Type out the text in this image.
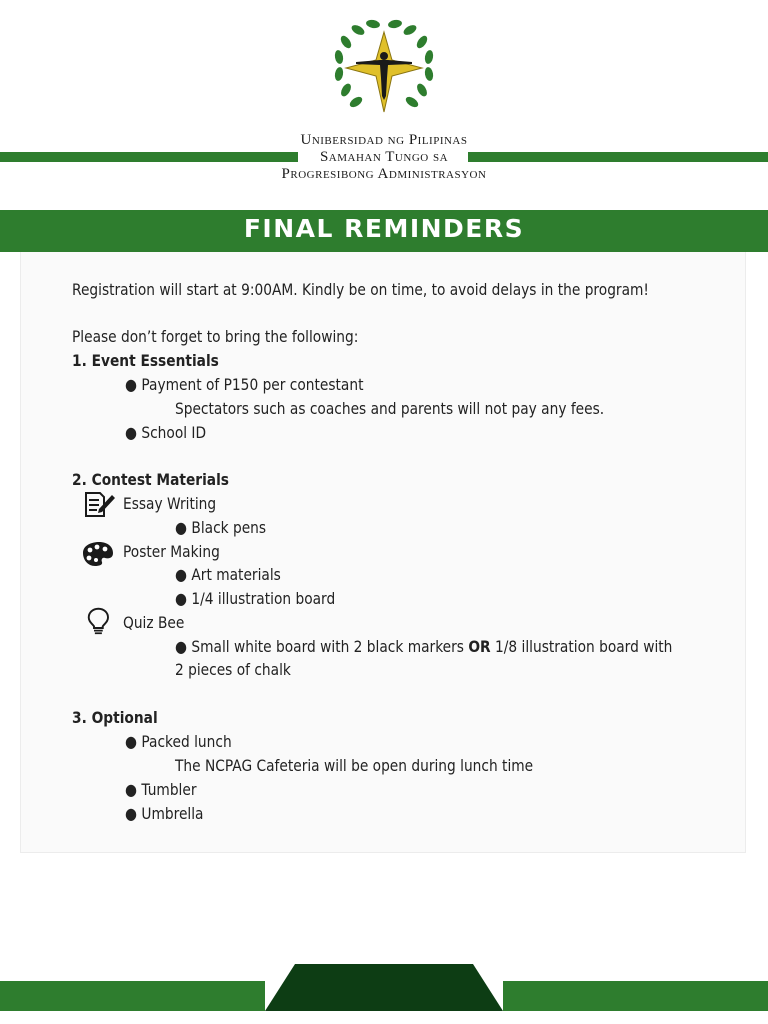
Unibersidad ng Pilipinas
Samahan Tungo sa
Progresibong Administrasyon
FINAL REMINDERS
Registration will start at 9:00AM. Kindly be on time, to avoid delays in the program!
Please don’t forget to bring the following:
1. Event Essentials
● Payment of P150 per contestant
Spectators such as coaches and parents will not pay any fees.
● School ID
2. Contest Materials
Essay Writing
● Black pens
Poster Making
● Art materials
● 1/4 illustration board
Quiz Bee
● Small white board with 2 black markers OR 1/8 illustration board with
2 pieces of chalk
3. Optional
● Packed lunch
The NCPAG Cafeteria will be open during lunch time
● Tumbler
● Umbrella
